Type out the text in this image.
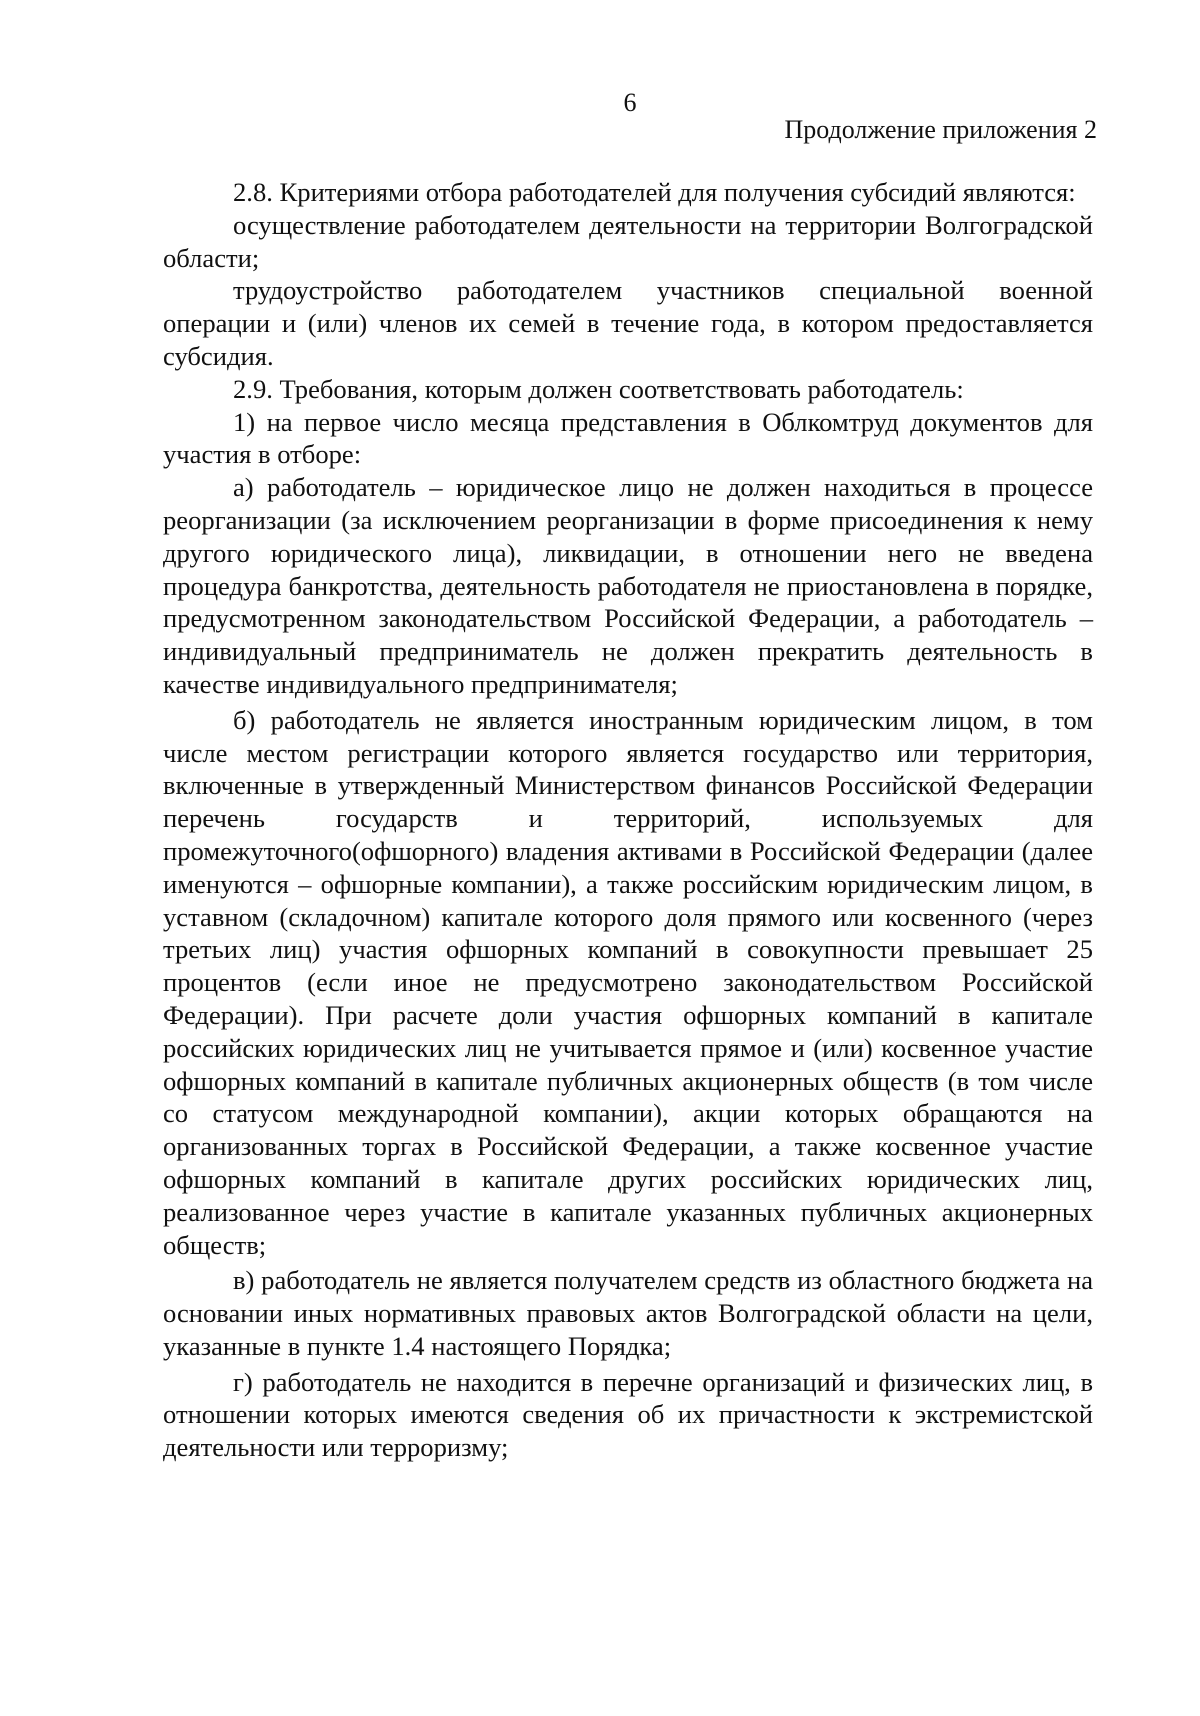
6
Продолжение приложения 2

2.8. Критериями отбора работодателей для получения субсидий являются:

осуществление работодателем деятельности на территории Волгоградской области;

трудоустройство работодателем участников специальной военной операции и (или) членов их семей в течение года, в котором предоставляется субсидия.

2.9. Требования, которым должен соответствовать работодатель:

1) на первое число месяца представления в Облкомтруд документов для участия в отборе:

а) работодатель – юридическое лицо не должен находиться в процессе реорганизации (за исключением реорганизации в форме присоединения к нему другого юридического лица), ликвидации, в отношении него не введена процедура банкротства, деятельность работодателя не приостановлена в порядке, предусмотренном законодательством Российской Федерации, а работодатель – индивидуальный предприниматель не должен прекратить деятельность в качестве индивидуального предпринимателя;

б) работодатель не является иностранным юридическим лицом, в том числе местом регистрации которого является государство или территория, включенные в утвержденный Министерством финансов Российской Федерации перечень государств и территорий, используемых для промежуточного(офшорного) владения активами в Российской Федерации (далее именуются – офшорные компании), а также российским юридическим лицом, в уставном (складочном) капитале которого доля прямого или косвенного (через третьих лиц) участия офшорных компаний в совокупности превышает 25 процентов (если иное не предусмотрено законодательством Российской Федерации). При расчете доли участия офшорных компаний в капитале российских юридических лиц не учитывается прямое и (или) косвенное участие офшорных компаний в капитале публичных акционерных обществ (в том числе со статусом международной компании), акции которых обращаются на организованных торгах в Российской Федерации, а также косвенное участие офшорных компаний в капитале других российских юридических лиц, реализованное через участие в капитале указанных публичных акционерных обществ;

в) работодатель не является получателем средств из областного бюджета на основании иных нормативных правовых актов Волгоградской области на цели, указанные в пункте 1.4 настоящего Порядка;

г) работодатель не находится в перечне организаций и физических лиц, в отношении которых имеются сведения об их причастности к экстремистской деятельности или терроризму;
